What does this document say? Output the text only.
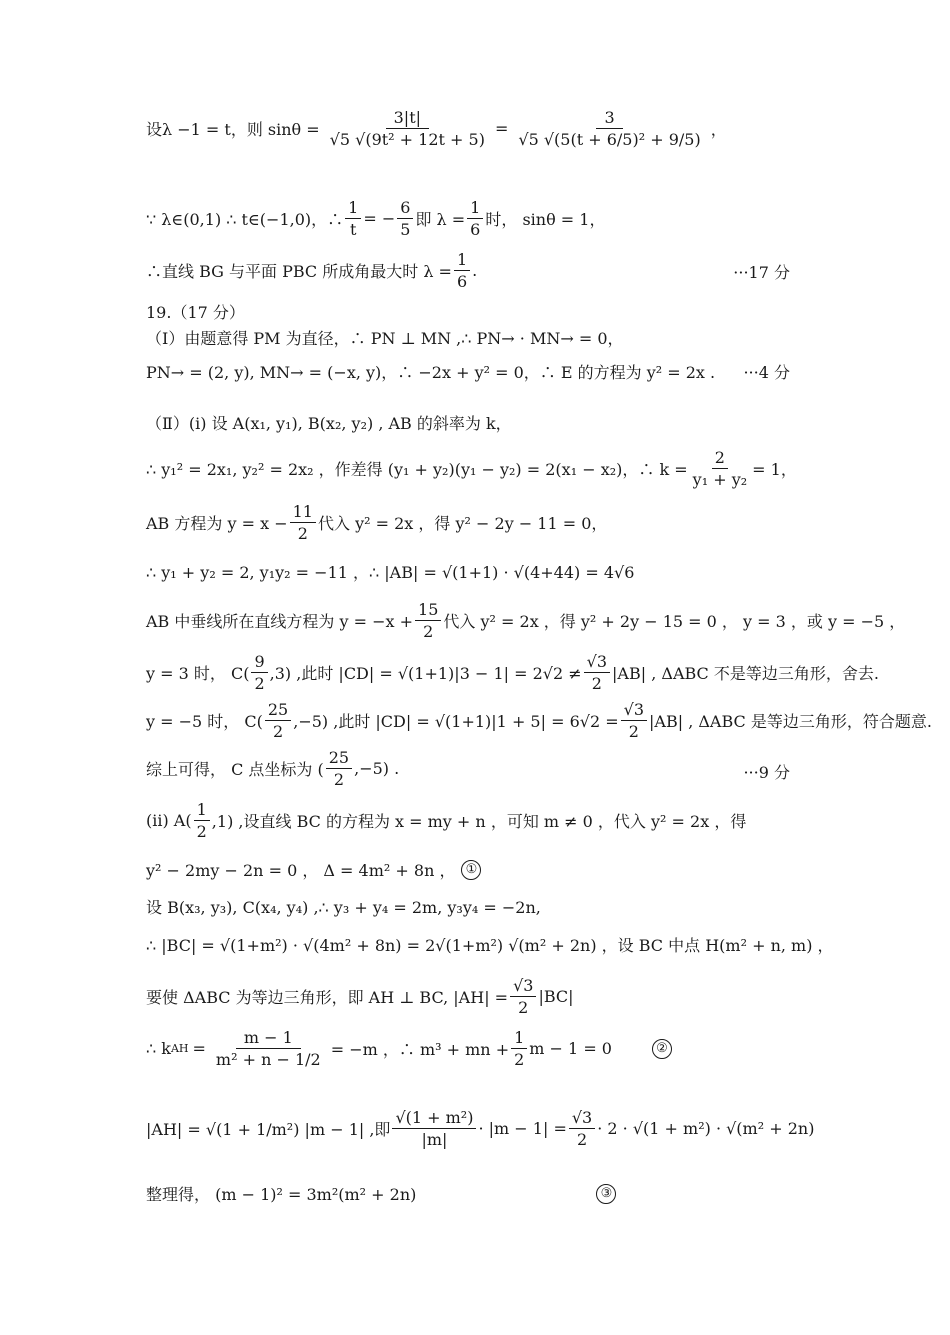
设λ −1 = t，则 $\sin\theta = \frac{3|t|}{\text{√5 √(9t² + 12t + 5)}} = \frac{3}{\text{√5 √(5(t + 6/5)² + 9/5)}}$ ，
∵ λ∈(0,1) ∴ t∈(−1,0)，∴ $\frac{1}{t}$ = − $\frac{6}{5}$ 即 $\lambda = \frac{1}{6}$ 时， sinθ = 1，
∴直线 BG 与平面 PBC 所成角最大时 $\lambda = \frac{1}{6}$ .	···17 分
19.（17 分）
（Ⅰ）由题意得 PM 为直径，∴ PN ⊥ MN ,∴ PN→ · MN→ = 0，
PN→ = (2, y), MN→ = (−x, y)，∴ −2x + y² = 0，∴ E 的方程为 y² = 2x . ···4 分
（Ⅱ）(ⅰ) 设 A(x₁, y₁), B(x₂, y₂) , AB 的斜率为 k，
∴ y₁² = 2x₁, y₂² = 2x₂ ，作差得 (y₁ + y₂)(y₁ − y₂) = 2(x₁ − x₂)，∴ $k = \frac{2}{\text{y₁ + y₂}} = 1$，
AB 方程为 $y = x - \frac{11}{2}$ 代入 y² = 2x ，得 y² − 2y − 11 = 0，
∴ y₁ + y₂ = 2, y₁y₂ = −11 ，∴ |AB| = √(1+1) · √(4+44) = 4√6
AB 中垂线所在直线方程为 $y = -x + \frac{15}{2}$ 代入 y² = 2x ，得 y² + 2y − 15 = 0 ， y = 3 ，或 y = −5 ，
y = 3 时， $C( \frac{9}{2} ,3)$ ,此时 $|CD| = √(1+1)|3 - 1| = 2√2 \ne \frac{√3}{2} |AB|$ , ΔABC 不是等边三角形，舍去.
y = −5 时， $C( \frac{25}{2} ,-5)$ ,此时 $|CD| = √(1+1)|1 + 5| = 6√2 = \frac{√3}{2} |AB|$ , ΔABC 是等边三角形，符合题意.
综上可得， C 点坐标为 ( $\frac{25}{2} ,-5$) .	···9 分
(ⅱ) $A( \frac{1}{2} ,1)$ ,设直线 BC 的方程为 x = my + n ，可知 m ≠ 0 ，代入 y² = 2x ，得
y² − 2my − 2n = 0 ， Δ = 4m² + 8n ， ①
设 B(x₃, y₃), C(x₄, y₄) ,∴ y₃ + y₄ = 2m, y₃y₄ = −2n,
∴ |BC| = √(1+m²) · √(4m² + 8n) = 2√(1+m²) √(m² + 2n) ，设 BC 中点 H(m² + n, m) ，
要使 ΔABC 为等边三角形，即 AH ⊥ BC, $|AH| = \frac{√3}{2} |BC|$
∴ k AH = $\frac{m - 1}{\text{m² + n − 1/2}} = -m$ ，∴ m³ + mn + $\frac{1}{2}$ m − 1 = 0	②
|AH| = √(1 + 1/m²) |m − 1| ,即 $\frac{\text{√(1 + m²)}}{|m|} \cdot |m - 1| = \frac{√3}{2} \cdot 2 \cdot √(1 + m^2) \cdot √(m^2 + 2n)$
整理得， (m − 1)² = 3m²(m² + 2n)	③
